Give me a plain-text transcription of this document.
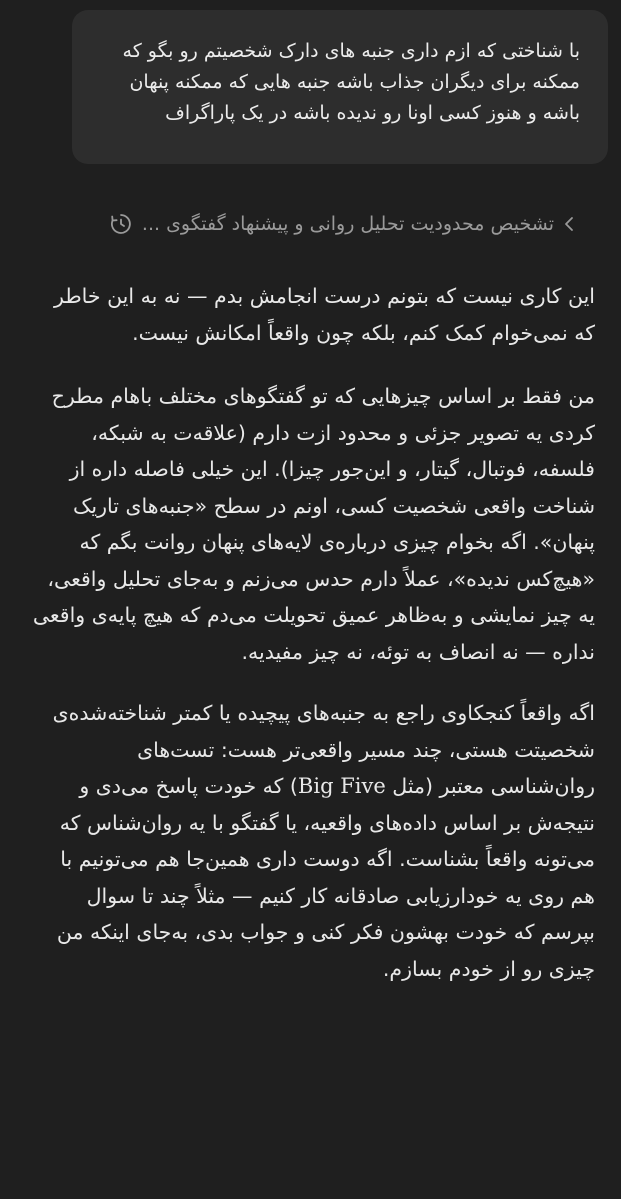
با شناختی که ازم داری جنبه های دارک شخصیتم رو بگو که ممکنه برای دیگران جذاب باشه جنبه هایی که ممکنه پنهان باشه و هنوز کسی اونا رو ندیده باشه در یک پاراگراف
تشخیص محدودیت تحلیل روانی و پیشنهاد گفتگوی ...

این کاری نیست که بتونم درست انجامش بدم — نه به این خاطر که نمی‌خوام کمک کنم، بلکه چون واقعاً امکانش نیست.

من فقط بر اساس چیزهایی که تو گفتگوهای مختلف باهام مطرح کردی یه تصویر جزئی و محدود ازت دارم (علاقه‌ت به شبکه، فلسفه، فوتبال، گیتار، و این‌جور چیزا). این خیلی فاصله داره از شناخت واقعی شخصیت کسی، اونم در سطح «جنبه‌های تاریک پنهان». اگه بخوام چیزی درباره‌ی لایه‌های پنهان روانت بگم که «هیچ‌کس ندیده»، عملاً دارم حدس می‌زنم و به‌جای تحلیل واقعی، یه چیز نمایشی و به‌ظاهر عمیق تحویلت می‌دم که هیچ پایه‌ی واقعی نداره — نه انصاف به توئه، نه چیز مفیدیه.

اگه واقعاً کنجکاوی راجع به جنبه‌های پیچیده یا کمتر شناخته‌شده‌ی شخصیتت هستی، چند مسیر واقعی‌تر هست: تست‌های روان‌شناسی معتبر (مثل Big Five) که خودت پاسخ می‌دی و نتیجه‌ش بر اساس داده‌های واقعیه، یا گفتگو با یه روان‌شناس که می‌تونه واقعاً بشناست. اگه دوست داری همین‌جا هم می‌تونیم با هم روی یه خودارزیابی صادقانه کار کنیم — مثلاً چند تا سوال بپرسم که خودت بهشون فکر کنی و جواب بدی، به‌جای اینکه من چیزی رو از خودم بسازم.
